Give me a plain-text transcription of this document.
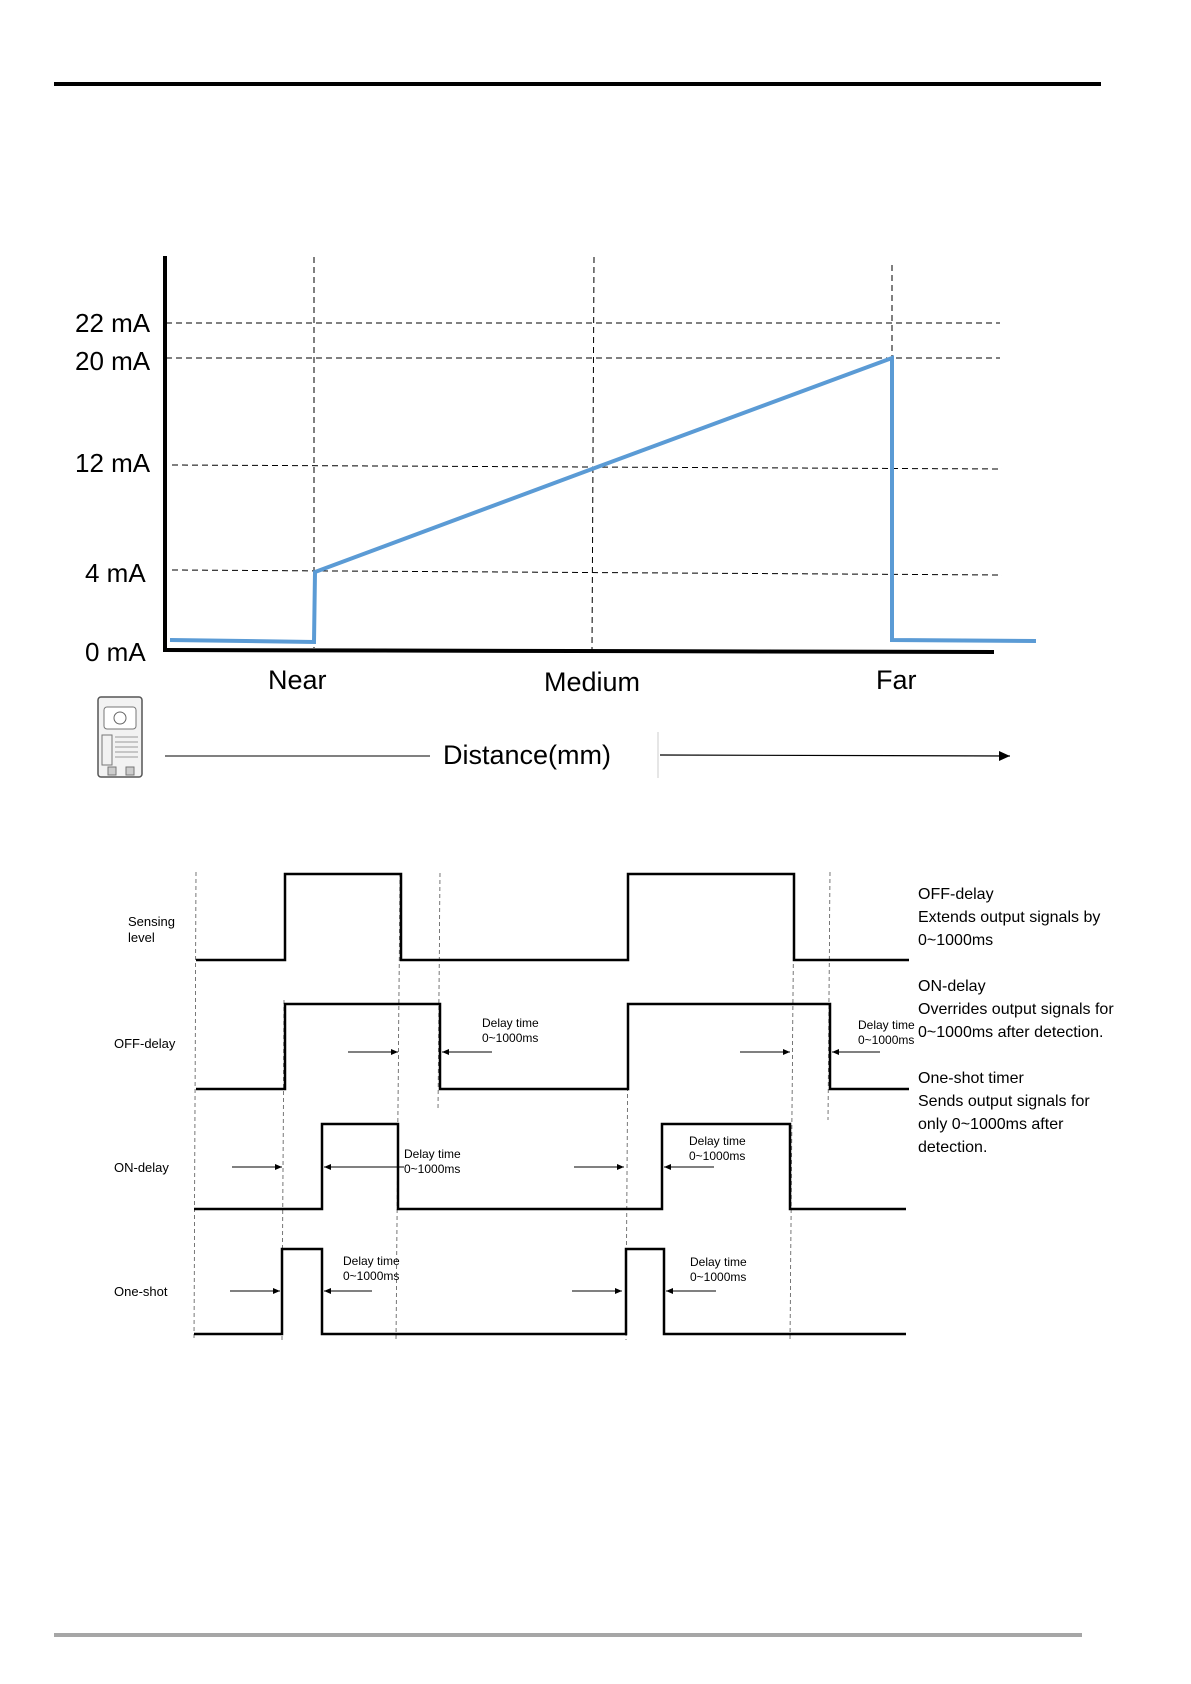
22 mA
20 mA
12 mA
4 mA
0 mA
Near	Medium	Far
Distance(mm)
Sensing
level
OFF-delay
ON-delay
One-shot
Delay time
0~1000ms
Delay time
0~1000ms
Delay time
0~1000ms
Delay time
0~1000ms
Delay time
0~1000ms
Delay time
0~1000ms
OFF-delay
Extends output signals by
0~1000ms
ON-delay
Overrides output signals for
0~1000ms after detection.
One-shot timer
Sends output signals for
only 0~1000ms after
detection.
